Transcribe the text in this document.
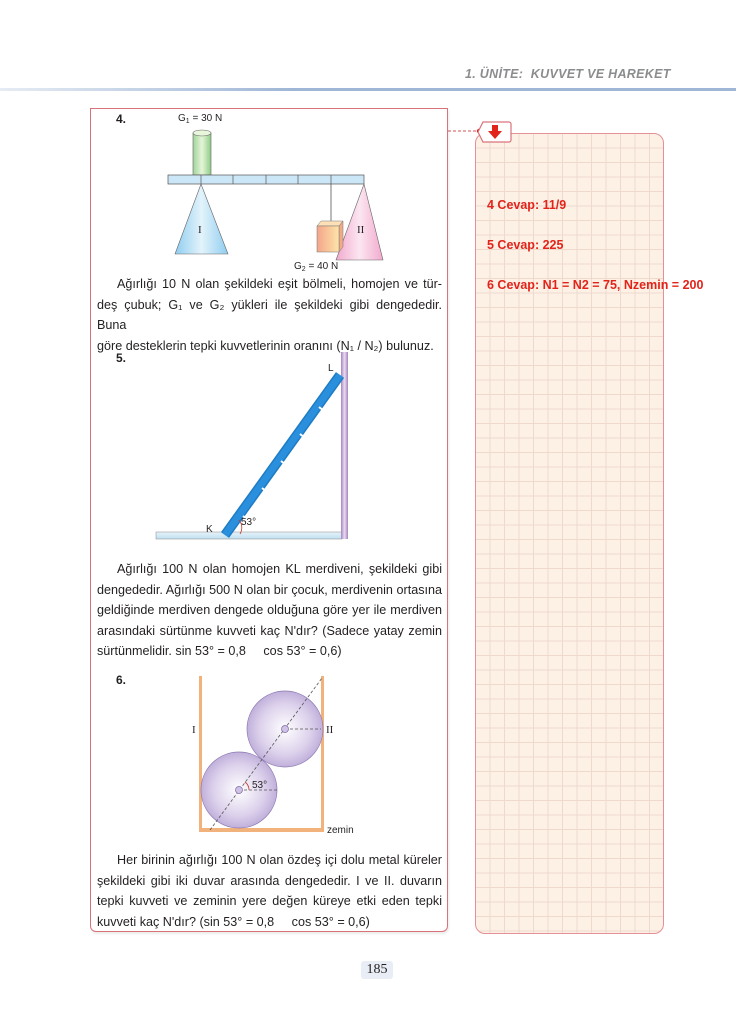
1. ÜNİTE:  KUVVET VE HAREKET
4 Cevap: 11/9
5 Cevap: 225
6 Cevap: N1 = N2 = 75, Nzemin = 200
4.	$G_1 = 30$ N
I	II
$G_2 = 40$ N
Ağırlığı 10 N olan şekildeki eşit bölmeli, homojen ve tür-
deş çubuk; G₁ ve G₂ yükleri ile şekildeki gibi dengededir. Buna
göre desteklerin tepki kuvvetlerinin oranını (N₁ / N₂) bulunuz.
5.
K
L
53°
Ağırlığı 100 N olan homojen KL merdiveni, şekildeki gibi
dengededir. Ağırlığı 500 N olan bir çocuk, merdivenin ortasına
geldiğinde merdiven dengede olduğuna göre yer ile merdiven
arasındaki sürtünme kuvveti kaç N'dır? (Sadece yatay zemin
sürtünmelidir. sin 53° = 0,8     cos 53° = 0,6)
6.
I	II
53°
zemin
Her birinin ağırlığı 100 N olan özdeş içi dolu metal küreler
şekildeki gibi iki duvar arasında dengededir. I ve II. duvarın
tepki kuvveti ve zeminin yere değen küreye etki eden tepki
kuvveti kaç N'dır? (sin 53° = 0,8     cos 53° = 0,6)
185
